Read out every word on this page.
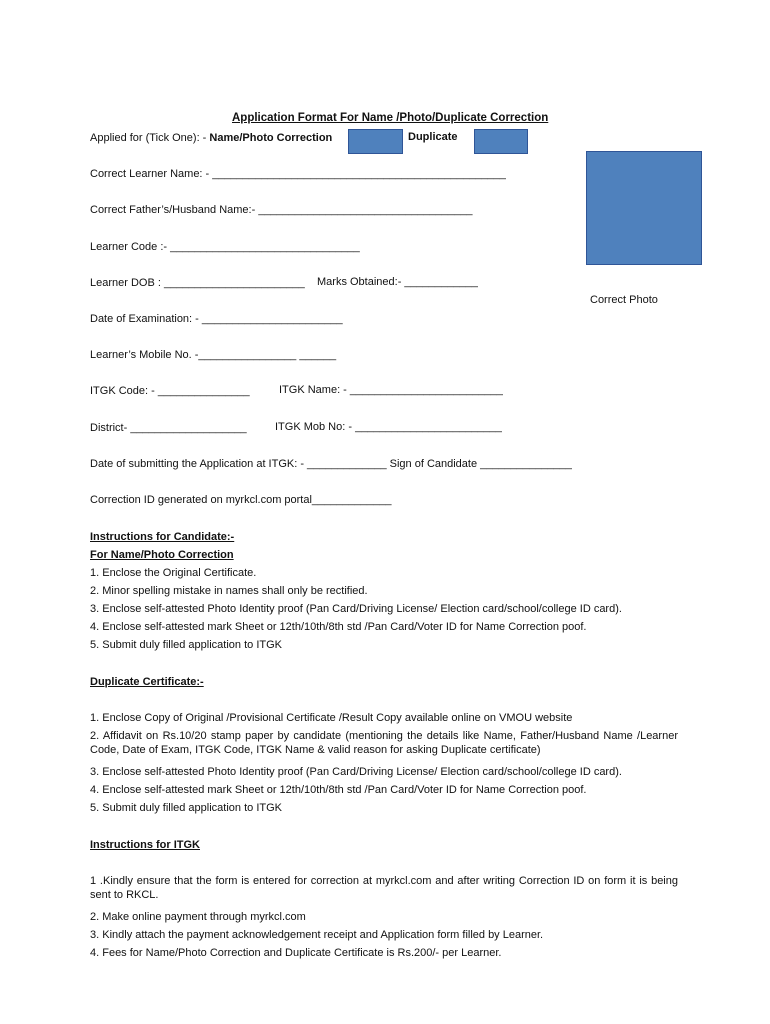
Application Format For Name /Photo/Duplicate Correction
Applied for (Tick One): - Name/Photo Correction	Duplicate
Correct Photo
Correct Learner Name: - ________________________________________________
Correct Father’s/Husband Name:- ___________________________________
Learner Code :- _______________________________
Learner DOB : _______________________ Marks Obtained:- ____________
Date of Examination: - _______________________
Learner’s Mobile No. -________________ ______
ITGK Code: - _______________	ITGK Name: - _________________________
District- ___________________	ITGK Mob No: - ________________________
Date of submitting the Application at ITGK: - _____________ Sign of Candidate _______________
Correction ID generated on myrkcl.com portal_____________
Instructions for Candidate:-
For Name/Photo Correction
1. Enclose the Original Certificate.
2. Minor spelling mistake in names shall only be rectified.
3. Enclose self-attested Photo Identity proof (Pan Card/Driving License/ Election card/school/college ID card).
4. Enclose self-attested mark Sheet or 12th/10th/8th std /Pan Card/Voter ID for Name Correction poof.
5. Submit duly filled application to ITGK
Duplicate Certificate:-
1. Enclose Copy of Original /Provisional Certificate /Result Copy available online on VMOU website
2. Affidavit on Rs.10/20 stamp paper by candidate (mentioning the details like Name, Father/Husband Name /Learner Code, Date of Exam, ITGK Code, ITGK Name & valid reason for asking Duplicate certificate)
3. Enclose self-attested Photo Identity proof (Pan Card/Driving License/ Election card/school/college ID card).
4. Enclose self-attested mark Sheet or 12th/10th/8th std /Pan Card/Voter ID for Name Correction poof.
5. Submit duly filled application to ITGK
Instructions for ITGK
1 .Kindly ensure that the form is entered for correction at myrkcl.com and after writing Correction ID on form it is being sent to RKCL.
2. Make online payment through myrkcl.com
3. Kindly attach the payment acknowledgement receipt and Application form filled by Learner.
4. Fees for Name/Photo Correction and Duplicate Certificate is Rs.200/- per Learner.
